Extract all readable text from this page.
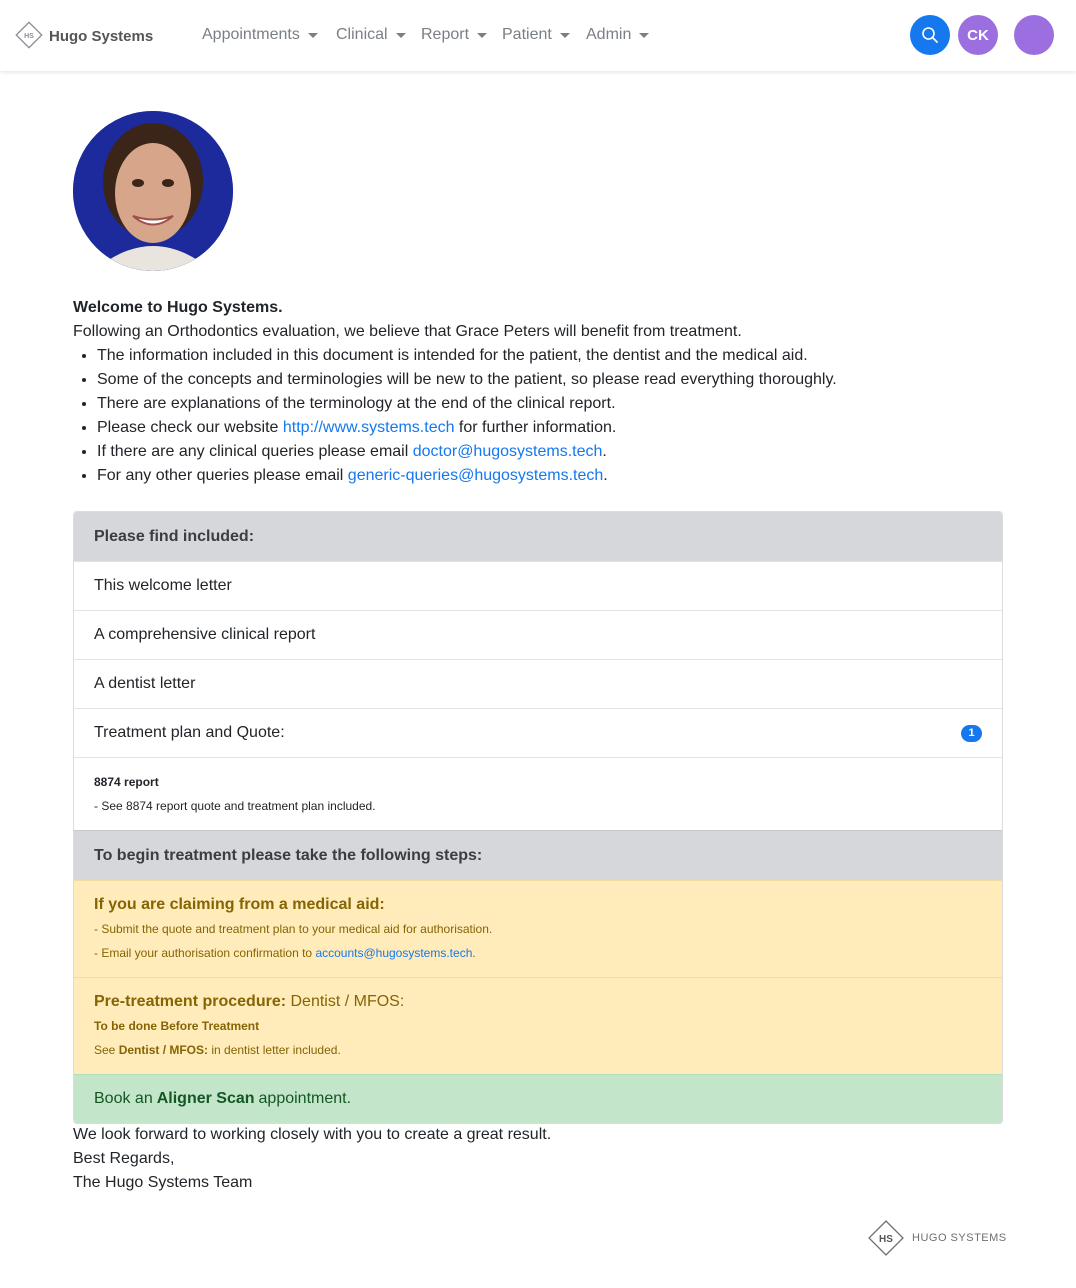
HS Hugo Systems	Appointments Clinical Report Patient Admin	CK
Welcome to Hugo Systems.
Following an Orthodontics evaluation, we believe that Grace Peters will benefit from treatment.
• The information included in this document is intended for the patient, the dentist and the medical aid.
• Some of the concepts and terminologies will be new to the patient, so please read everything thoroughly.
• There are explanations of the terminology at the end of the clinical report.
• Please check our website http://www.systems.tech for further information.
• If there are any clinical queries please email doctor@hugosystems.tech.
• For any other queries please email generic-queries@hugosystems.tech.
Please find included:
This welcome letter
A comprehensive clinical report
A dentist letter
Treatment plan and Quote:	1
8874 report
- See 8874 report quote and treatment plan included.
To begin treatment please take the following steps:
If you are claiming from a medical aid:
- Submit the quote and treatment plan to your medical aid for authorisation.
- Email your authorisation confirmation to accounts@hugosystems.tech.
Pre-treatment procedure: Dentist / MFOS:
To be done Before Treatment
See Dentist / MFOS: in dentist letter included.
Book an Aligner Scan appointment.
We look forward to working closely with you to create a great result.
Best Regards,
The Hugo Systems Team
HS HUGO SYSTEMS
